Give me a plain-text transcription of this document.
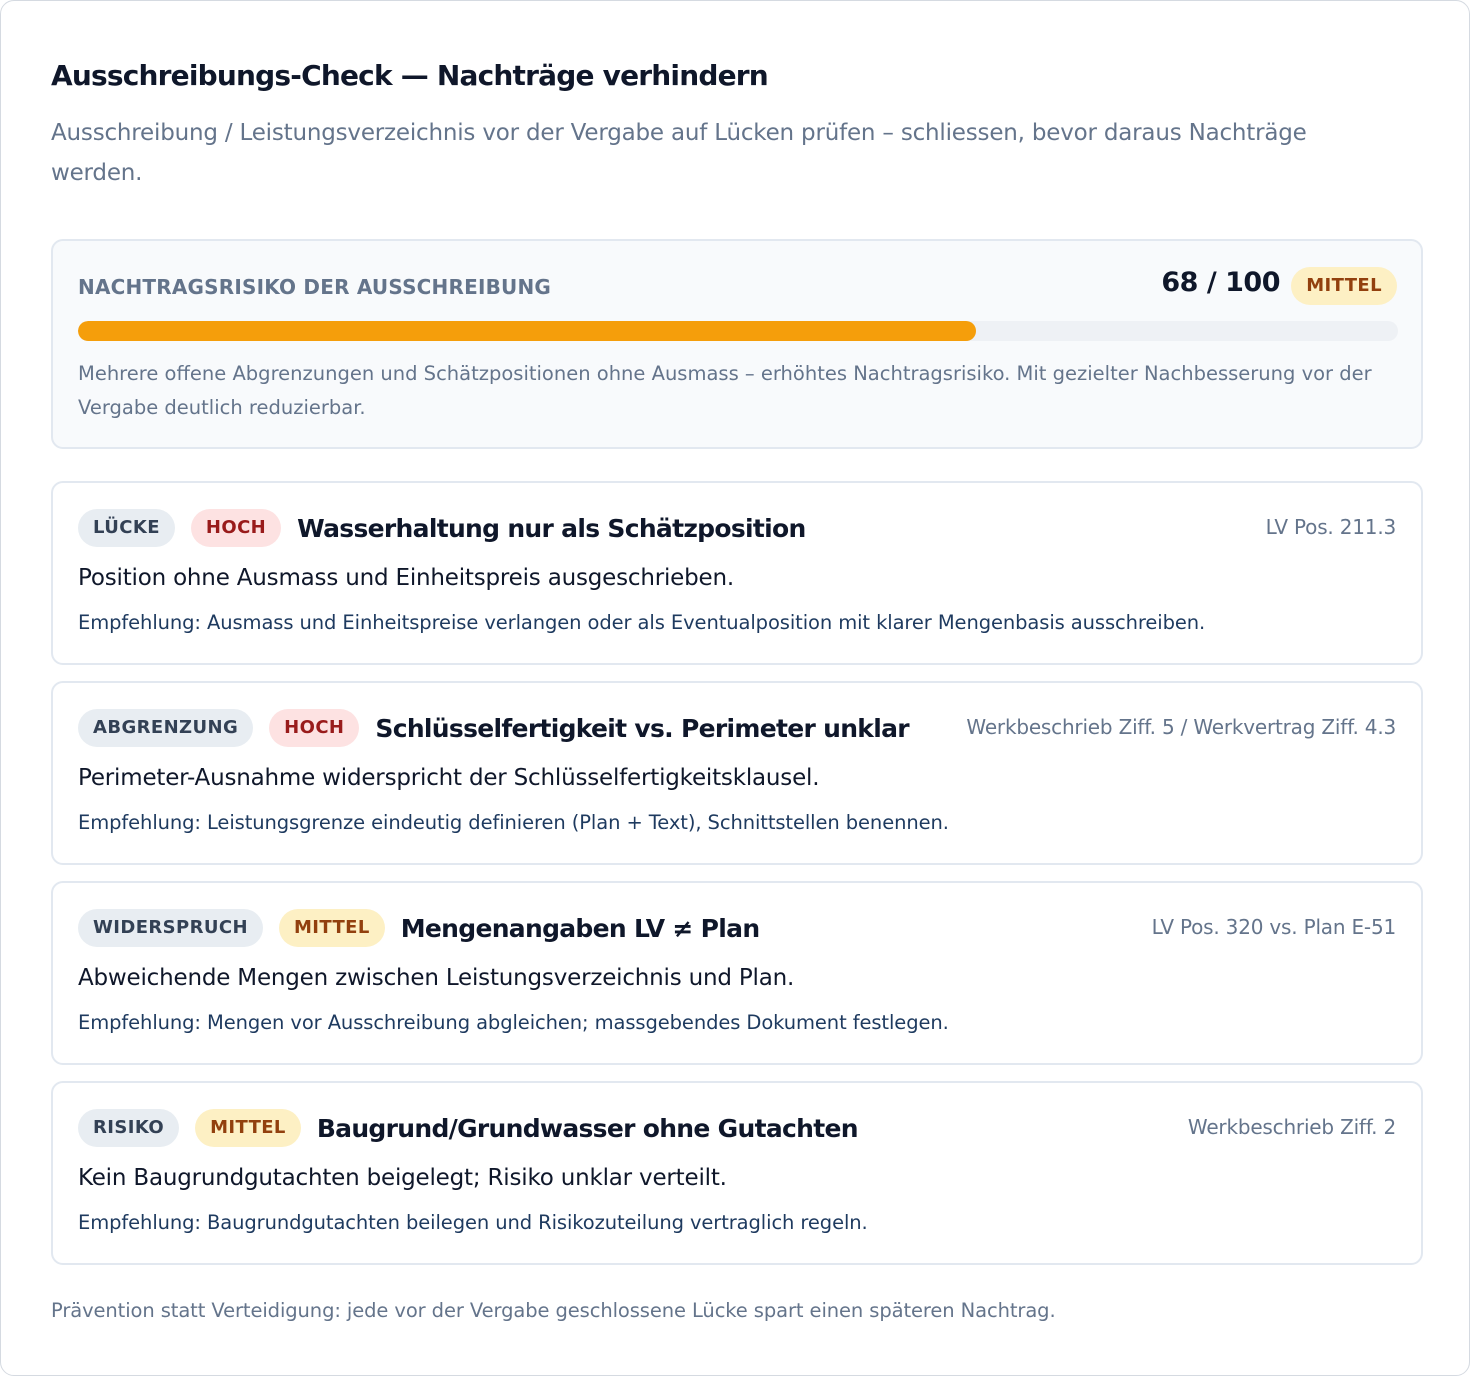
Ausschreibungs-Check — Nachträge verhindern

Ausschreibung / Leistungsverzeichnis vor der Vergabe auf Lücken prüfen – schliessen, bevor daraus Nachträge werden.

NACHTRAGSRISIKO DER AUSSCHREIBUNG	68 / 100	MITTEL

Mehrere offene Abgrenzungen und Schätzpositionen ohne Ausmass – erhöhtes Nachtragsrisiko. Mit gezielter Nachbesserung vor der Vergabe deutlich reduzierbar.

LÜCKE	HOCH	Wasserhaltung nur als Schätzposition	LV Pos. 211.3

Position ohne Ausmass und Einheitspreis ausgeschrieben.

Empfehlung: Ausmass und Einheitspreise verlangen oder als Eventualposition mit klarer Mengenbasis ausschreiben.

ABGRENZUNG	HOCH	Schlüsselfertigkeit vs. Perimeter unklar	Werkbeschrieb Ziff. 5 / Werkvertrag Ziff. 4.3

Perimeter-Ausnahme widerspricht der Schlüsselfertigkeitsklausel.

Empfehlung: Leistungsgrenze eindeutig definieren (Plan + Text), Schnittstellen benennen.

WIDERSPRUCH	MITTEL	Mengenangaben LV ≠ Plan	LV Pos. 320 vs. Plan E-51

Abweichende Mengen zwischen Leistungsverzeichnis und Plan.

Empfehlung: Mengen vor Ausschreibung abgleichen; massgebendes Dokument festlegen.

RISIKO	MITTEL	Baugrund/Grundwasser ohne Gutachten	Werkbeschrieb Ziff. 2

Kein Baugrundgutachten beigelegt; Risiko unklar verteilt.

Empfehlung: Baugrundgutachten beilegen und Risikozuteilung vertraglich regeln.

Prävention statt Verteidigung: jede vor der Vergabe geschlossene Lücke spart einen späteren Nachtrag.
